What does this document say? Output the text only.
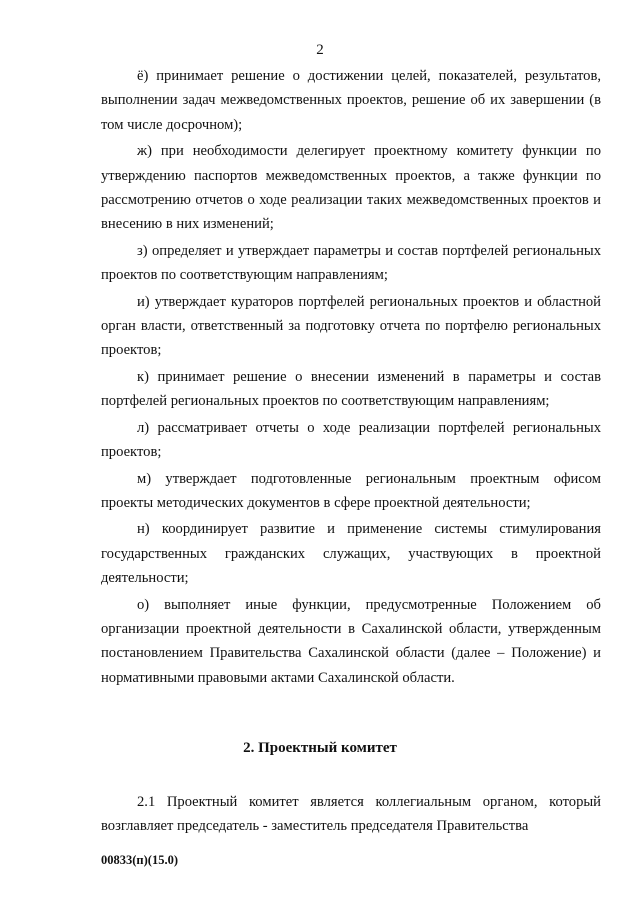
2

ё) принимает решение о достижении целей, показателей, результатов, выполнении задач межведомственных проектов, решение об их завершении (в том числе досрочном);

ж) при необходимости делегирует проектному комитету функции по утверждению паспортов межведомственных проектов, а также функции по рассмотрению отчетов о ходе реализации таких межведомственных проектов и внесению в них изменений;

з) определяет и утверждает параметры и состав портфелей региональных проектов по соответствующим направлениям;

и) утверждает кураторов портфелей региональных проектов и областной орган власти, ответственный за подготовку отчета по портфелю региональных проектов;

к) принимает решение о внесении изменений в параметры и состав портфелей региональных проектов по соответствующим направлениям;

л) рассматривает отчеты о ходе реализации портфелей региональных проектов;

м) утверждает подготовленные региональным проектным офисом проекты методических документов в сфере проектной деятельности;

н) координирует развитие и применение системы стимулирования государственных гражданских служащих, участвующих в проектной деятельности;

о) выполняет иные функции, предусмотренные Положением об организации проектной деятельности в Сахалинской области, утвержденным постановлением Правительства Сахалинской области (далее – Положение) и нормативными правовыми актами Сахалинской области.

2. Проектный комитет

2.1 Проектный комитет является коллегиальным органом, который возглавляет председатель - заместитель председателя Правительства

00833(п)(15.0)
